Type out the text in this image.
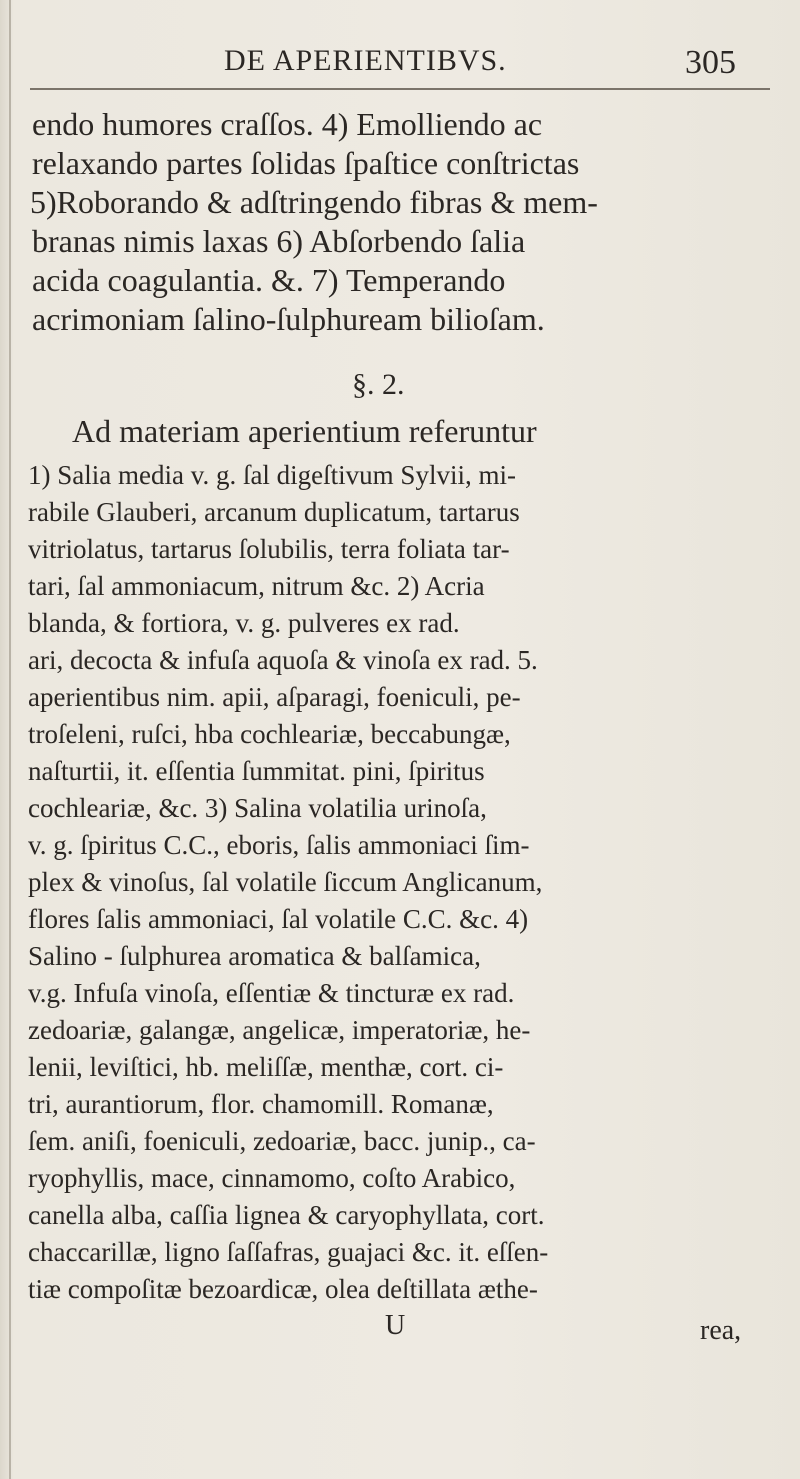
DE APERIENTIBVS.	305
endo humores craſſos. 4) Emolliendo ac
relaxando partes ſolidas ſpaſtice conſtrictas
5)Roborando & adſtringendo fibras & mem-
branas nimis laxas 6) Abſorbendo ſalia
acida coagulantia. &. 7) Temperando
acrimoniam ſalino-ſulphuream bilioſam.
§. 2.
Ad materiam aperientium referuntur
1) Salia media v. g. ſal digeſtivum Sylvii, mi-
rabile Glauberi, arcanum duplicatum, tartarus
vitriolatus, tartarus ſolubilis, terra foliata tar-
tari, ſal ammoniacum, nitrum &c. 2) Acria
blanda, & fortiora, v. g. pulveres ex rad.
ari, decocta & infuſa aquoſa & vinoſa ex rad. 5.
aperientibus nim. apii, aſparagi, foeniculi, pe-
troſeleni, ruſci, hba cochleariæ, beccabungæ,
naſturtii, it. eſſentia ſummitat. pini, ſpiritus
cochleariæ, &c. 3) Salina volatilia urinoſa,
v. g. ſpiritus C.C., eboris, ſalis ammoniaci ſim-
plex & vinoſus, ſal volatile ſiccum Anglicanum,
flores ſalis ammoniaci, ſal volatile C.C. &c. 4)
Salino - ſulphurea aromatica & balſamica,
v.g. Infuſa vinoſa, eſſentiæ & tincturæ ex rad.
zedoariæ, galangæ, angelicæ, imperatoriæ, he-
lenii, leviſtici, hb. meliſſæ, menthæ, cort. ci-
tri, aurantiorum, flor. chamomill. Romanæ,
ſem. aniſi, foeniculi, zedoariæ, bacc. junip., ca-
ryophyllis, mace, cinnamomo, coſto Arabico,
canella alba, caſſia lignea & caryophyllata, cort.
chaccarillæ, ligno ſaſſafras, guajaci &c. it. eſſen-
tiæ compoſitæ bezoardicæ, olea deſtillata æthe-
U	rea,
